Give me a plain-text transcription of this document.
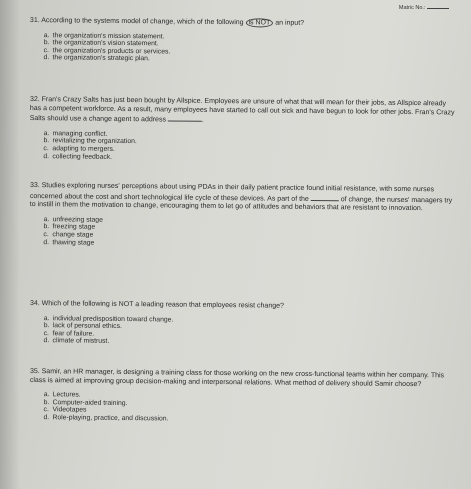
Matric No.:
31. According to the systems model of change, which of the following is NOT an input?
a. the organization's mission statement.
b. the organization's vision statement.
c. the organization's products or services.
d. the organization's strategic plan.
32. Fran's Crazy Salts has just been bought by Allspice. Employees are unsure of what that will mean for their jobs, as Allspice already has a competent workforce. As a result, many employees have started to call out sick and have begun to look for other jobs. Fran's Crazy Salts should use a change agent to address	.
a. managing conflict.
b. revitalizing the organization.
c. adapting to mergers.
d. collecting feedback.
33. Studies exploring nurses' perceptions about using PDAs in their daily patient practice found initial resistance, with some nurses concerned about the cost and short technological life cycle of these devices. As part of the	of change, the nurses' managers try to instill in them the motivation to change, encouraging them to let go of attitudes and behaviors that are resistant to innovation.
a. unfreezing stage
b. freezing stage
c. change stage
d. thawing stage
34. Which of the following is NOT a leading reason that employees resist change?
a. individual predisposition toward change.
b. lack of personal ethics.
c. fear of failure.
d. climate of mistrust.
35. Samir, an HR manager, is designing a training class for those working on the new cross-functional teams within her company. This class is aimed at improving group decision-making and interpersonal relations. What method of delivery should Samir choose?
a. Lectures.
b. Computer-aided training.
c. Videotapes
d. Role-playing, practice, and discussion.
